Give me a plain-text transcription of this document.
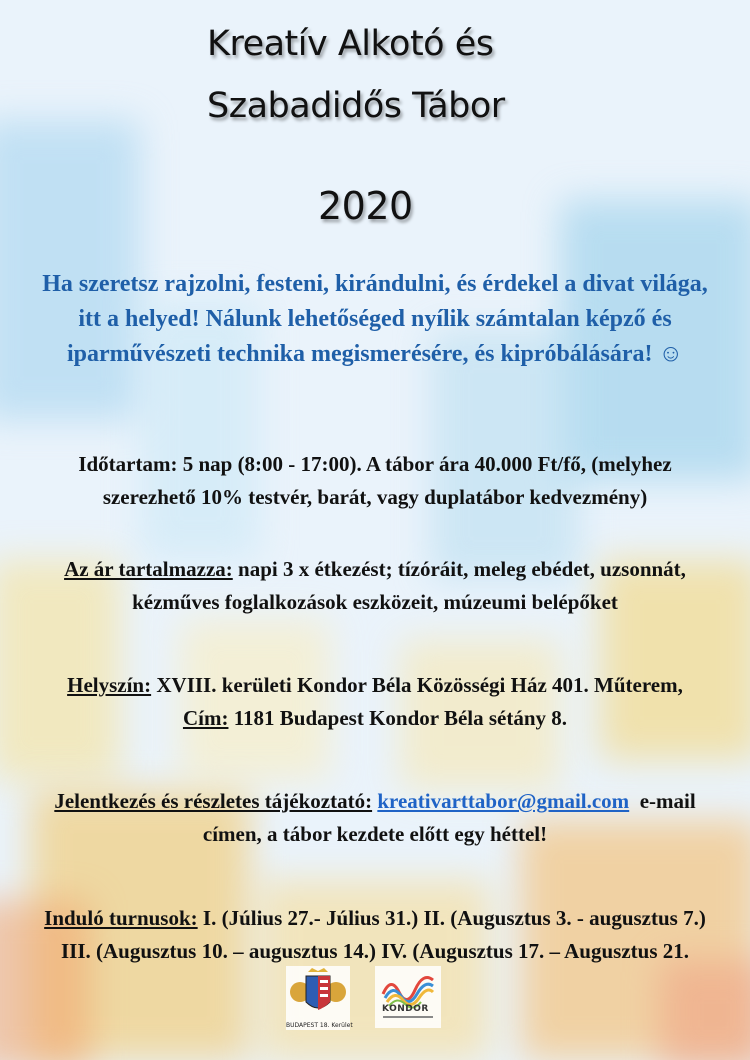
Kreatív Alkotó és
Szabadidős Tábor
2020
Ha szeretsz rajzolni, festeni, kirándulni, és érdekel a divat világa,
itt a helyed! Nálunk lehetőséged nyílik számtalan képző és
iparművészeti technika megismerésére, és kipróbálására! ☺
Időtartam: 5 nap (8:00 - 17:00). A tábor ára 40.000 Ft/fő, (melyhez
szerezhető 10% testvér, barát, vagy duplatábor kedvezmény)
Az ár tartalmazza: napi 3 x étkezést; tízóráit, meleg ebédet, uzsonnát,
kézműves foglalkozások eszközeit, múzeumi belépőket
Helyszín: XVIII. kerületi Kondor Béla Közösségi Ház 401. Műterem,
Cím: 1181 Budapest Kondor Béla sétány 8.
Jelentkezés és részletes tájékoztató: kreativarttabor@gmail.com  e-mail
címen, a tábor kezdete előtt egy héttel!
Induló turnusok: I. (Július 27.- Július 31.) II. (Augusztus 3. - augusztus 7.)
III. (Augusztus 10. – augusztus 14.) IV. (Augusztus 17. – Augusztus 21.
BUDAPEST 18. Kerület
KONDOR
